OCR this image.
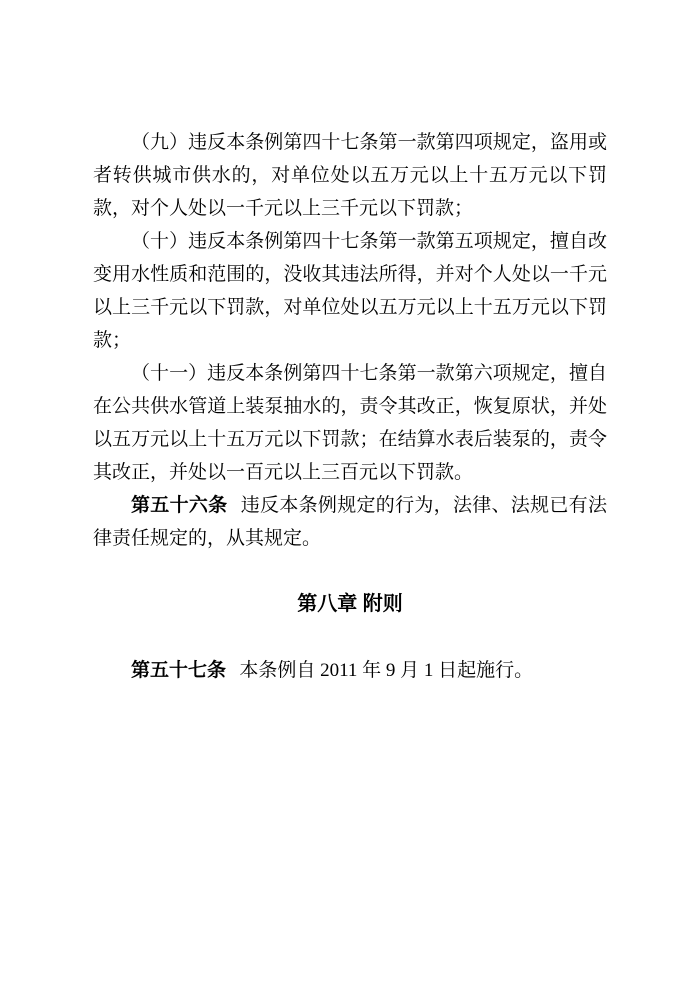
（九）违反本条例第四十七条第一款第四项规定，盗用或者转供城市供水的，对单位处以五万元以上十五万元以下罚款，对个人处以一千元以上三千元以下罚款；

（十）违反本条例第四十七条第一款第五项规定，擅自改变用水性质和范围的，没收其违法所得，并对个人处以一千元以上三千元以下罚款，对单位处以五万元以上十五万元以下罚款；

（十一）违反本条例第四十七条第一款第六项规定，擅自在公共供水管道上装泵抽水的，责令其改正，恢复原状，并处以五万元以上十五万元以下罚款；在结算水表后装泵的，责令其改正，并处以一百元以上三百元以下罚款。

第五十六条 违反本条例规定的行为，法律、法规已有法律责任规定的，从其规定。

第八章 附则

第五十七条 本条例自 2011 年 9 月 1 日起施行。
